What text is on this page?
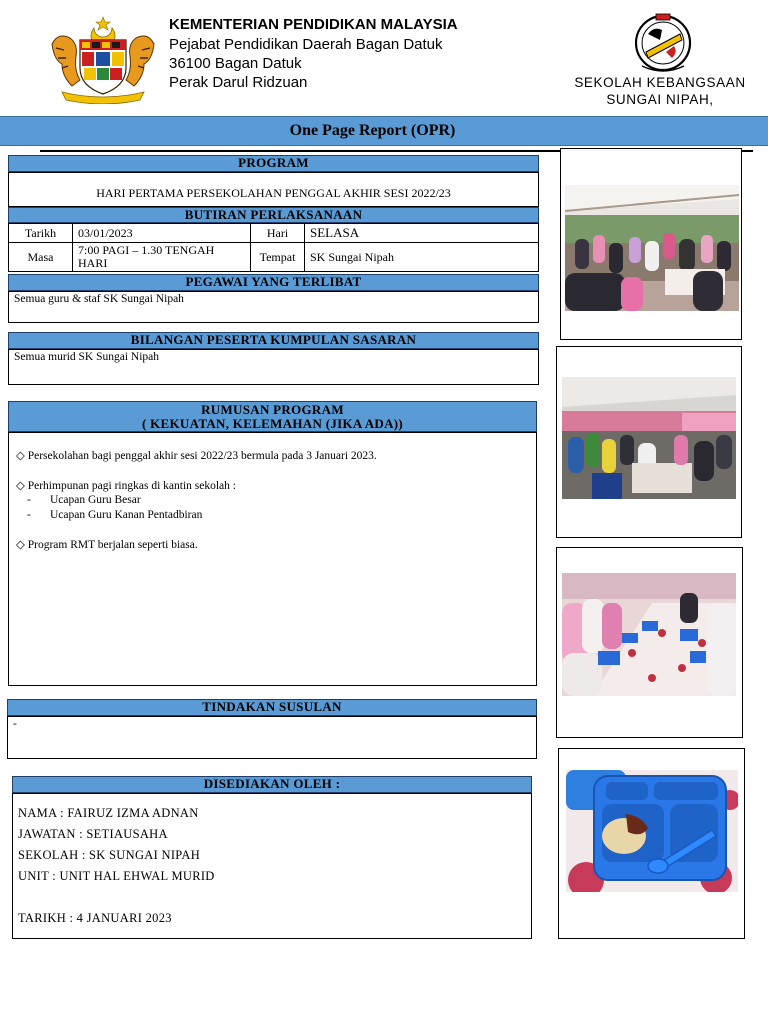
KEMENTERIAN PENDIDIKAN MALAYSIA
Pejabat Pendidikan Daerah Bagan Datuk
36100 Bagan Datuk
Perak Darul Ridzuan	SEKOLAH KEBANGSAAN
SUNGAI NIPAH,
One Page Report (OPR)
PROGRAM
HARI PERTAMA PERSEKOLAHAN PENGGAL AKHIR SESI 2022/23
BUTIRAN PERLAKSANAAN
Tarikh	03/01/2023	Hari	SELASA
Masa	7:00 PAGI – 1.30 TENGAH HARI	Tempat	SK Sungai Nipah
PEGAWAI YANG TERLIBAT
Semua guru & staf SK Sungai Nipah
BILANGAN PESERTA KUMPULAN SASARAN
Semua murid SK Sungai Nipah
RUMUSAN PROGRAM
( KEKUATAN, KELEMAHAN (JIKA ADA))
◇ Persekolahan bagi penggal akhir sesi 2022/23 bermula pada 3 Januari 2023.
◇ Perhimpunan pagi ringkas di kantin sekolah :
- Ucapan Guru Besar
- Ucapan Guru Kanan Pentadbiran
◇ Program RMT berjalan seperti biasa.
TINDAKAN SUSULAN
-
DISEDIAKAN OLEH :
NAMA : FAIRUZ IZMA ADNAN
JAWATAN : SETIAUSAHA
SEKOLAH : SK SUNGAI NIPAH
UNIT : UNIT HAL EHWAL MURID
TARIKH : 4 JANUARI 2023
